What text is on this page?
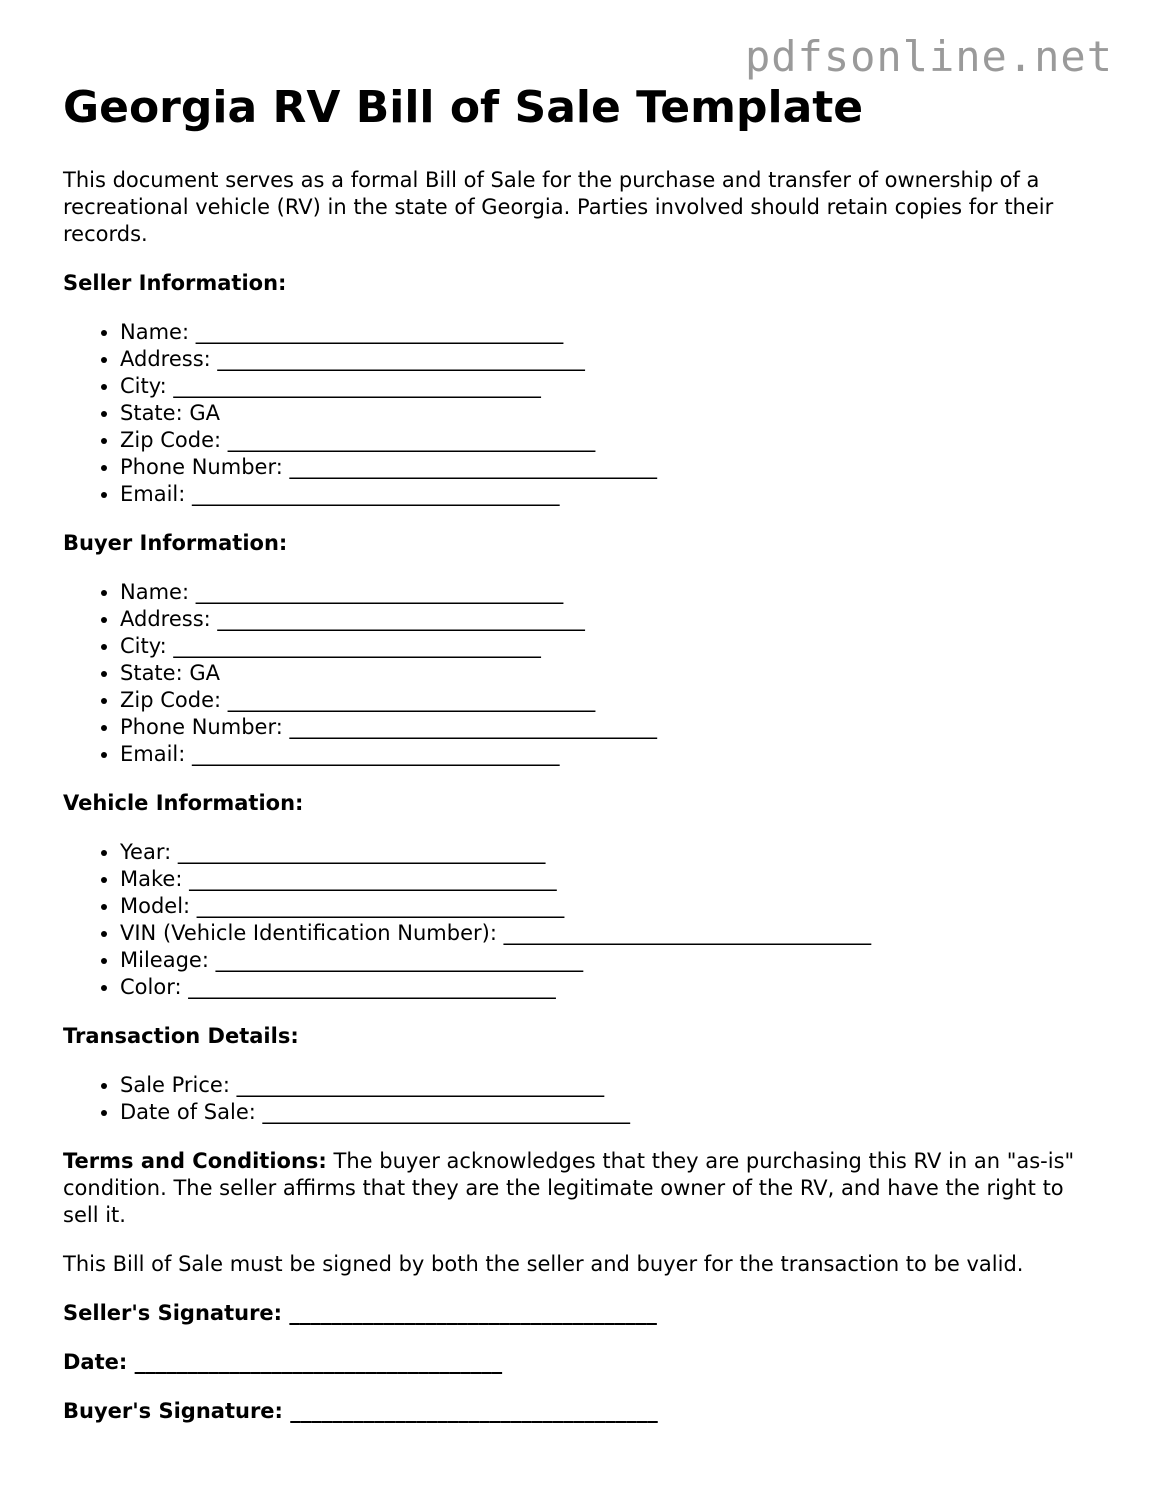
pdfsonline.net
Georgia RV Bill of Sale Template

This document serves as a formal Bill of Sale for the purchase and transfer of ownership of a recreational vehicle (RV) in the state of Georgia. Parties involved should retain copies for their records.

Seller Information:

• Name: ___________________________________
• Address: ___________________________________
• City: ___________________________________
• State: GA
• Zip Code: ___________________________________
• Phone Number: ___________________________________
• Email: ___________________________________

Buyer Information:

• Name: ___________________________________
• Address: ___________________________________
• City: ___________________________________
• State: GA
• Zip Code: ___________________________________
• Phone Number: ___________________________________
• Email: ___________________________________

Vehicle Information:

• Year: ___________________________________
• Make: ___________________________________
• Model: ___________________________________
• VIN (Vehicle Identification Number): ___________________________________
• Mileage: ___________________________________
• Color: ___________________________________

Transaction Details:

• Sale Price: ___________________________________
• Date of Sale: ___________________________________

Terms and Conditions: The buyer acknowledges that they are purchasing this RV in an "as-is" condition. The seller affirms that they are the legitimate owner of the RV, and have the right to sell it.

This Bill of Sale must be signed by both the seller and buyer for the transaction to be valid.

Seller's Signature: ___________________________________

Date: ___________________________________

Buyer's Signature: ___________________________________
